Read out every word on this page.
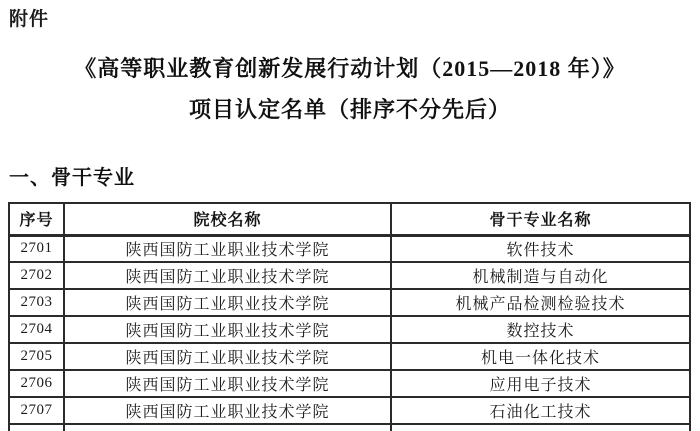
附件
《高等职业教育创新发展行动计划（2015—2018 年）》
项目认定名单（排序不分先后）
一、骨干专业
序号	院校名称	骨干专业名称
2701	陕西国防工业职业技术学院	软件技术
2702	陕西国防工业职业技术学院	机械制造与自动化
2703	陕西国防工业职业技术学院	机械产品检测检验技术
2704	陕西国防工业职业技术学院	数控技术
2705	陕西国防工业职业技术学院	机电一体化技术
2706	陕西国防工业职业技术学院	应用电子技术
2707	陕西国防工业职业技术学院	石油化工技术
